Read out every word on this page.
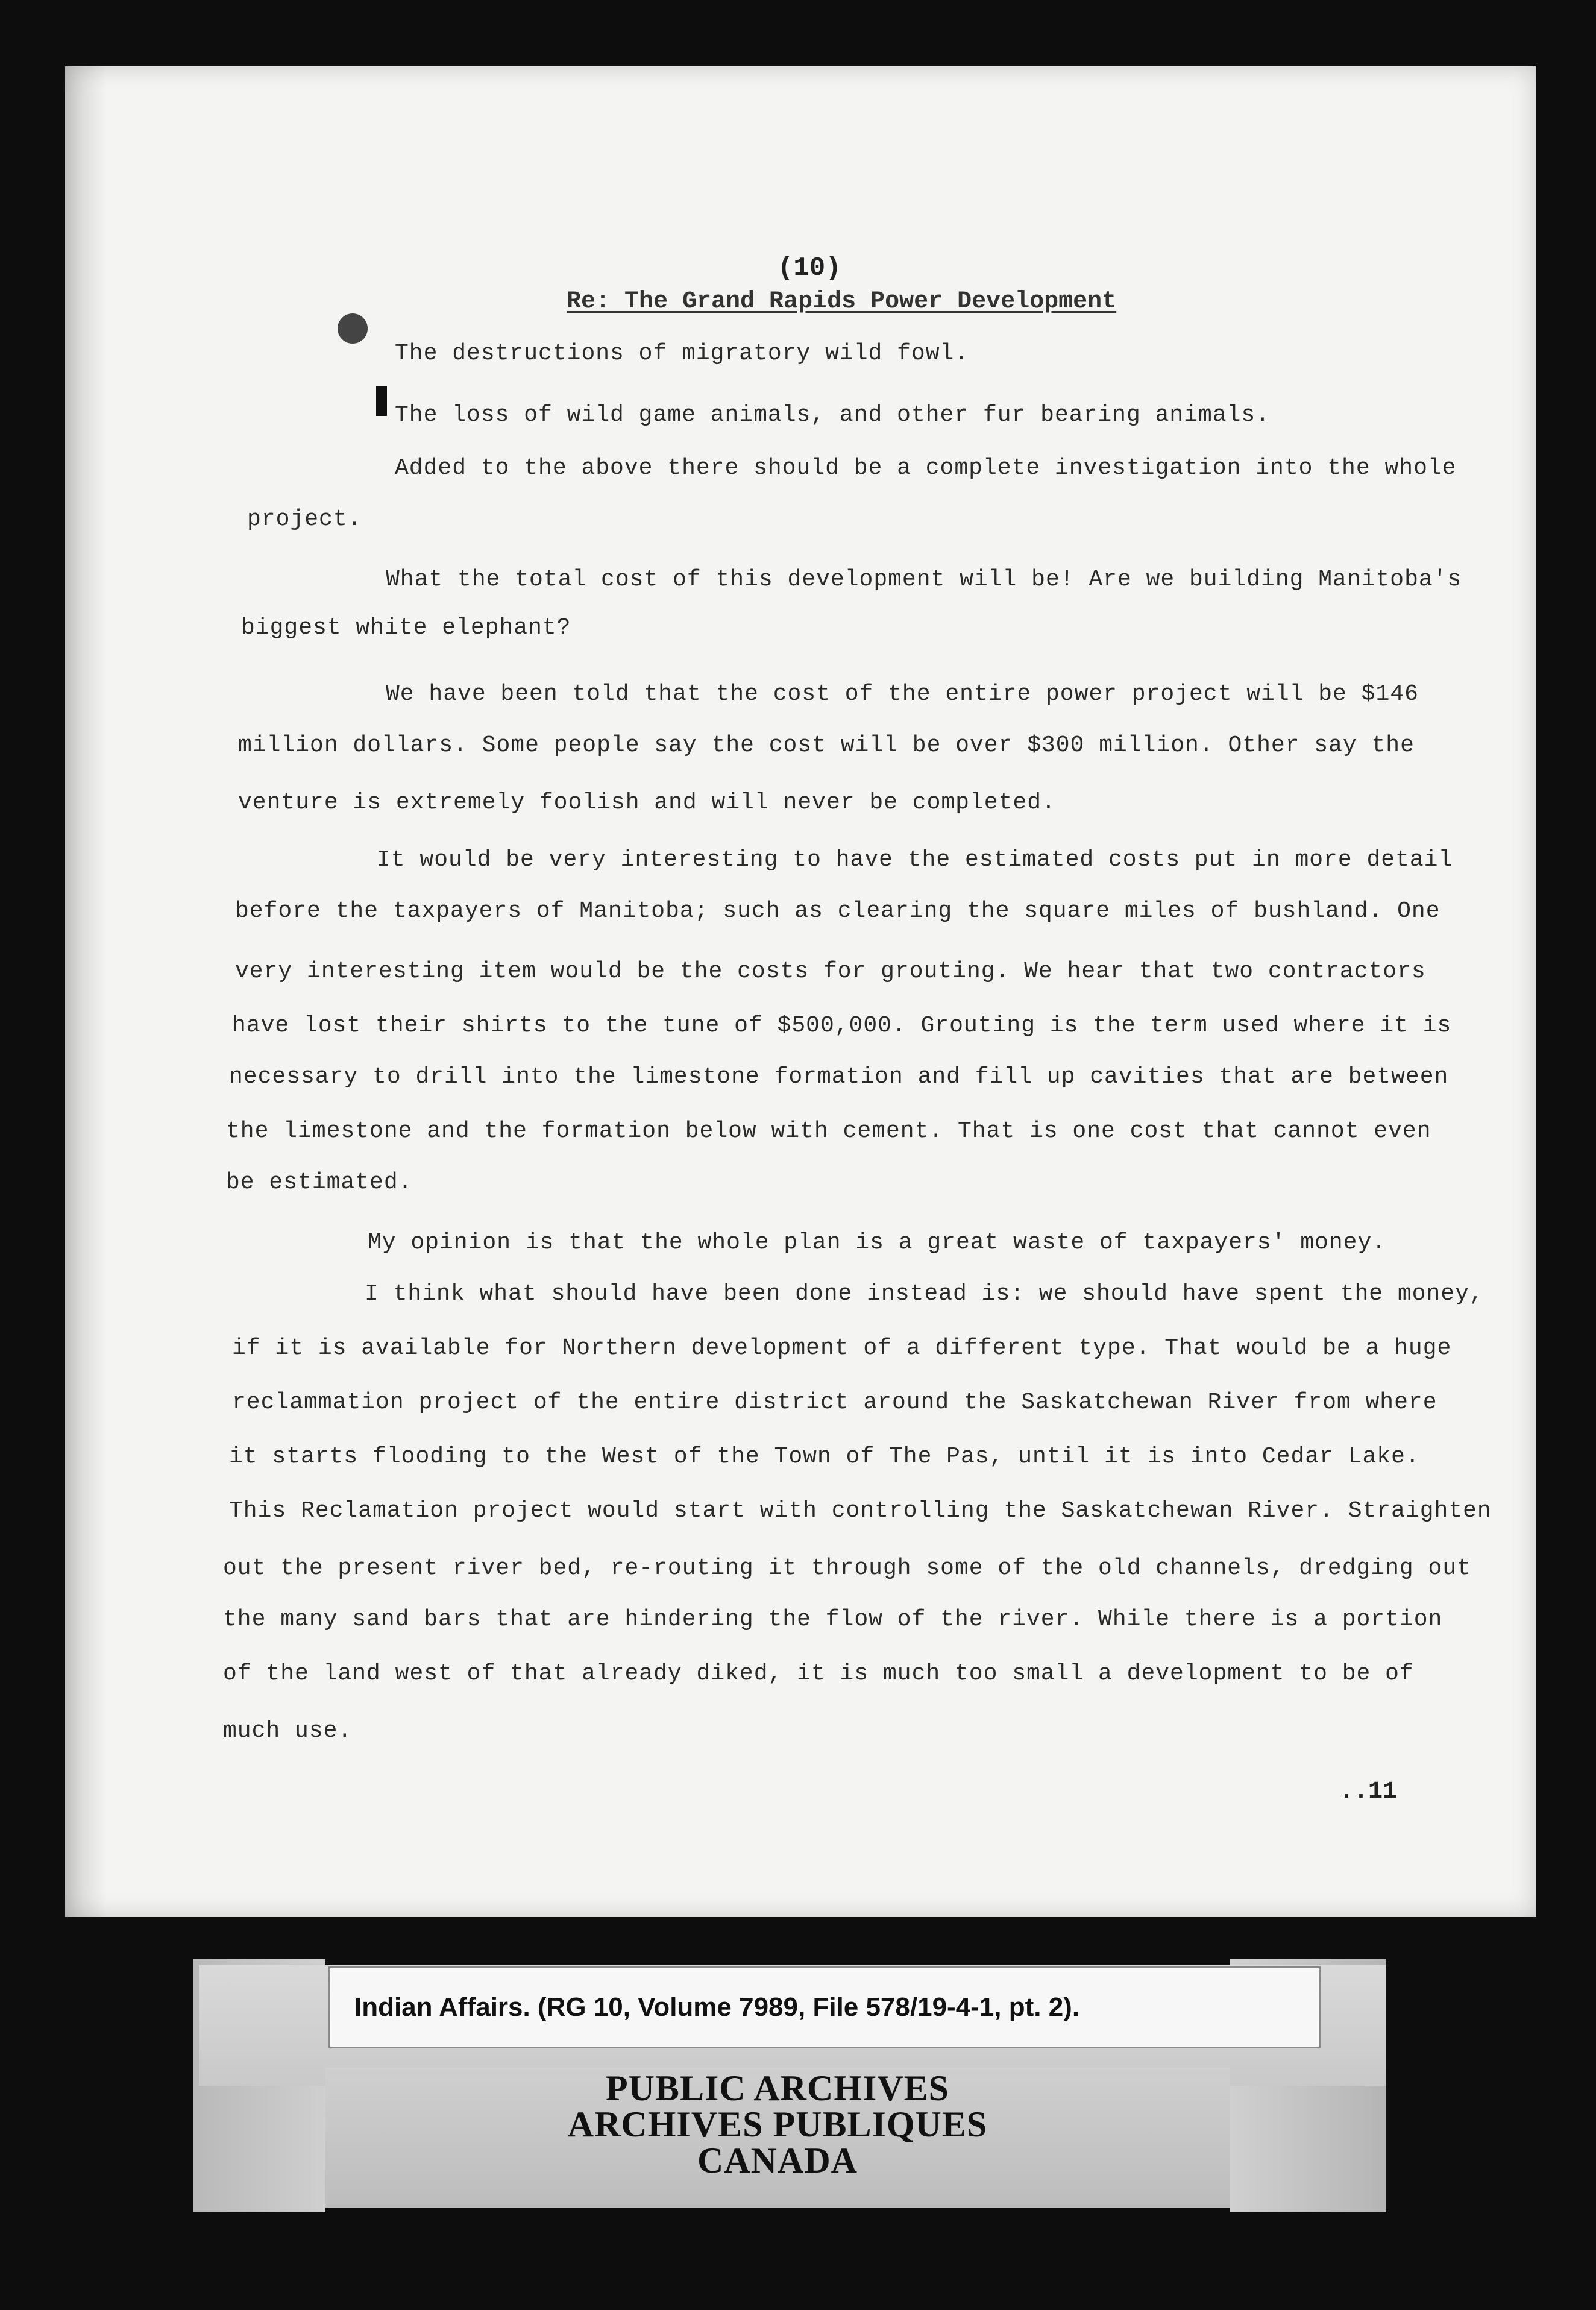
(10)
Re: The Grand Rapids Power Development
The destructions of migratory wild fowl.
The loss of wild game animals, and other fur bearing animals.
Added to the above there should be a complete investigation into the whole
project.
What the total cost of this development will be! Are we building Manitoba's
biggest white elephant?
We have been told that the cost of the entire power project will be $146
million dollars. Some people say the cost will be over $300 million. Other say the
venture is extremely foolish and will never be completed.
It would be very interesting to have the estimated costs put in more detail
before the taxpayers of Manitoba; such as clearing the square miles of bushland. One
very interesting item would be the costs for grouting. We hear that two contractors
have lost their shirts to the tune of $500,000. Grouting is the term used where it is
necessary to drill into the limestone formation and fill up cavities that are between
the limestone and the formation below with cement. That is one cost that cannot even
be estimated.
My opinion is that the whole plan is a great waste of taxpayers' money.
I think what should have been done instead is: we should have spent the money,
if it is available for Northern development of a different type. That would be a huge
reclammation project of the entire district around the Saskatchewan River from where
it starts flooding to the West of the Town of The Pas, until it is into Cedar Lake.
This Reclamation project would start with controlling the Saskatchewan River. Straighten
out the present river bed, re-routing it through some of the old channels, dredging out
the many sand bars that are hindering the flow of the river. While there is a portion
of the land west of that already diked, it is much too small a development to be of
much use.
..11
Indian Affairs. (RG 10, Volume 7989, File 578/19-4-1, pt. 2).
PUBLIC ARCHIVES
ARCHIVES PUBLIQUES
CANADA
